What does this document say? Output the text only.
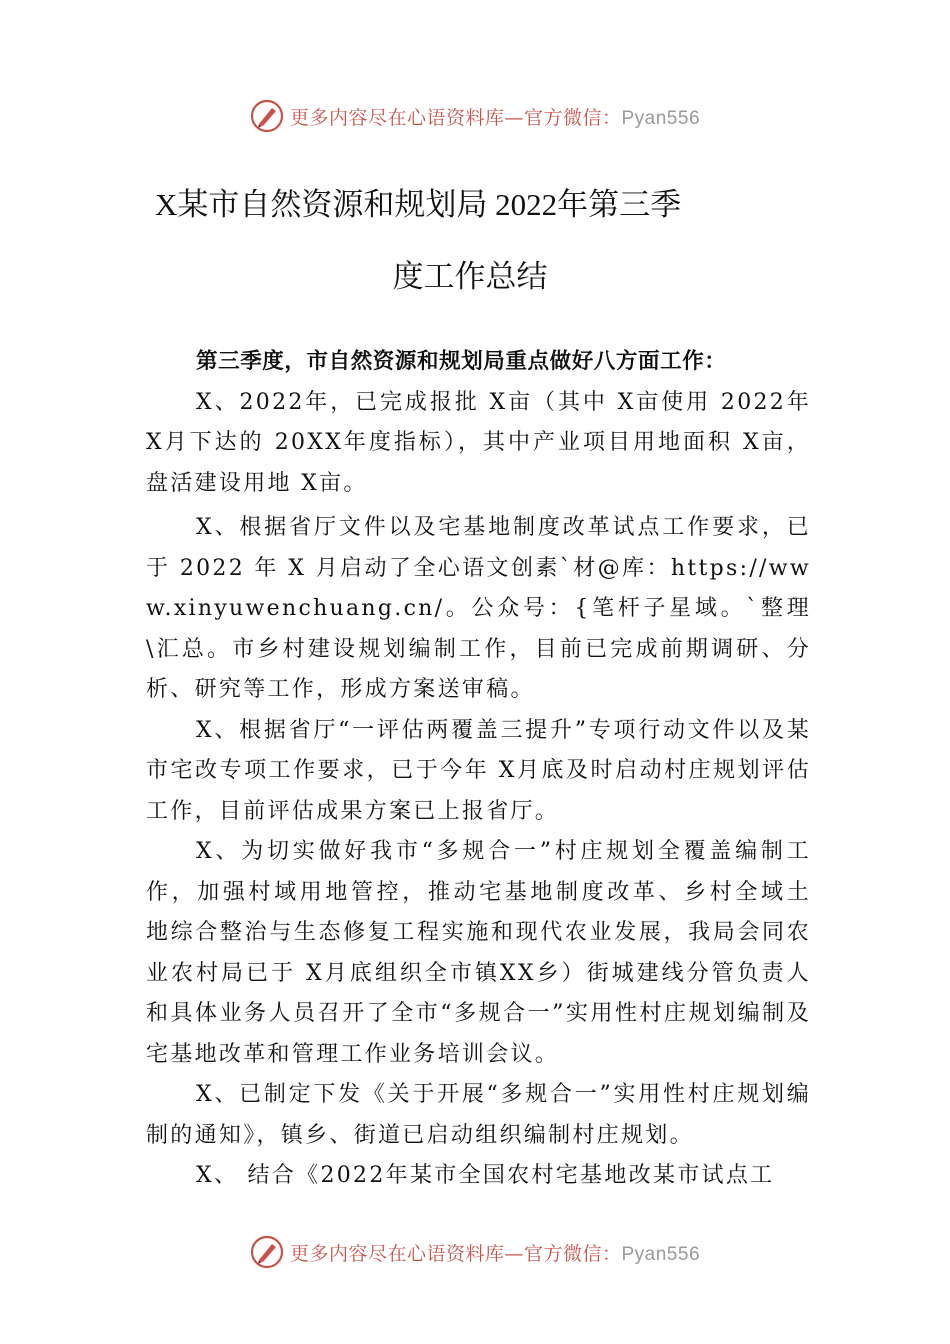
更多内容尽在心语资料库—官方微信：Pyan556
X某市自然资源和规划局 2022年第三季
度工作总结

第三季度，市自然资源和规划局重点做好八方面工作：

X、2022年，已完成报批 X亩（其中 X亩使用 2022年 X月下达的 20XX年度指标），其中产业项目用地面积 X亩，盘活建设用地 X亩。

X、根据省厅文件以及宅基地制度改革试点工作要求，已于 2022 年 X 月启动了全心语文创素`材@库：https://www.xinyuwenchuang.cn/。公众号：{笔杆子星域。`整理\汇总。市乡村建设规划编制工作，目前已完成前期调研、分析、研究等工作，形成方案送审稿。

X、根据省厅“一评估两覆盖三提升”专项行动文件以及某市宅改专项工作要求，已于今年 X月底及时启动村庄规划评估工作，目前评估成果方案已上报省厅。

X、为切实做好我市“多规合一”村庄规划全覆盖编制工作，加强村域用地管控，推动宅基地制度改革、乡村全域土 地综合整治与生态修复工程实施和现代农业发展，我局会同农业农村局已于 X月底组织全市镇XX乡）街城建线分管负责人和具体业务人员召开了全市“多规合一”实用性村庄规划编制及宅基地改革和管理工作业务培训会议。

X、已制定下发《关于开展“多规合一”实用性村庄规划编制的通知》，镇乡、街道已启动组织编制村庄规划。

X、 结合《2022年某市全国农村宅基地改某市试点工

更多内容尽在心语资料库—官方微信：Pyan556
